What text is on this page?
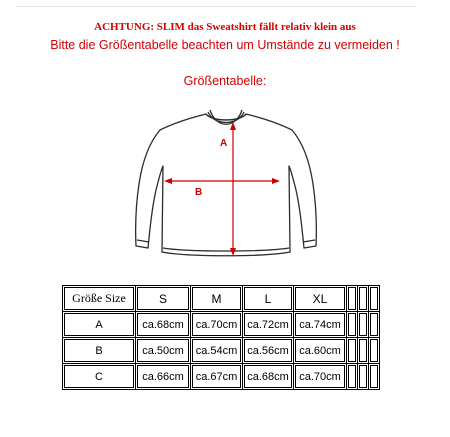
ACHTUNG: SLIM das Sweatshirt fällt relativ klein aus
Bitte die Größentabelle beachten um Umstände zu vermeiden !
Größentabelle:
A
B
Größe Size	S	M	L	XL			
A	ca.68cm	ca.70cm	ca.72cm	ca.74cm			
B	ca.50cm	ca.54cm	ca.56cm	ca.60cm			
C	ca.66cm	ca.67cm	ca.68cm	ca.70cm			
